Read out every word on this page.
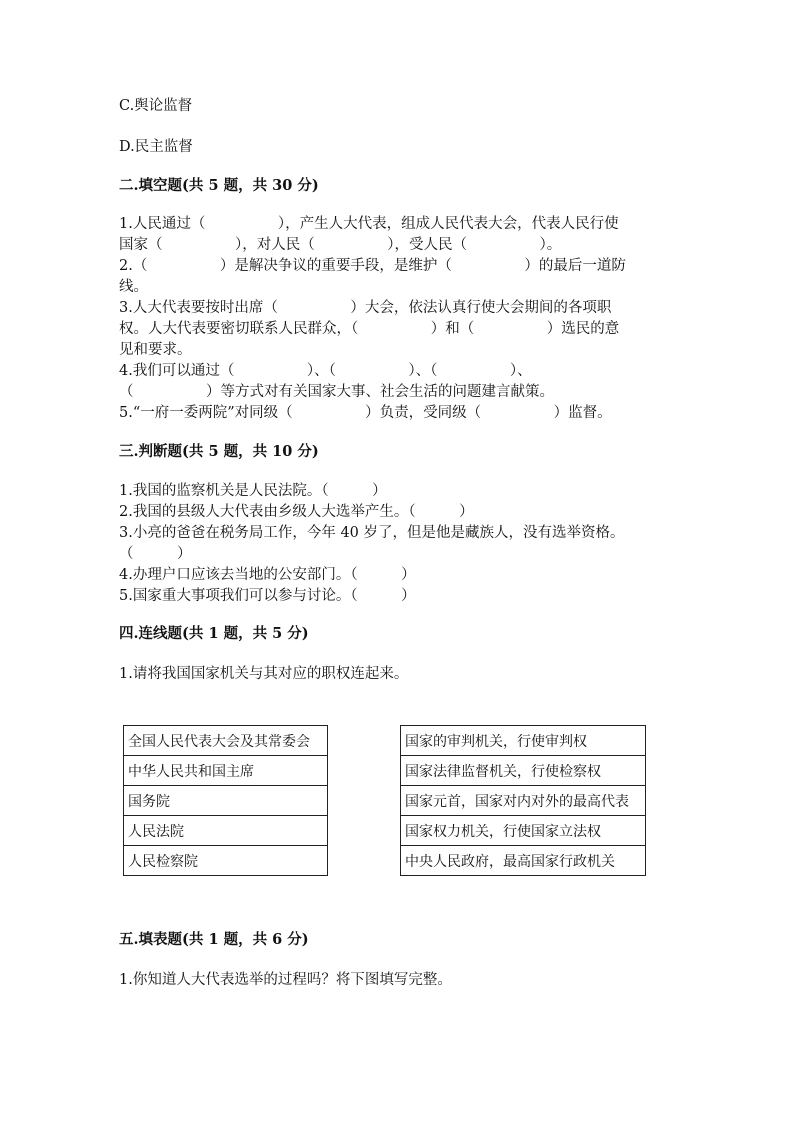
C.舆论监督
D.民主监督
二.填空题(共 5 题，共 30 分)
1.人民通过（　　　　　），产生人大代表，组成人民代表大会，代表人民行使
国家（　　　　　），对人民（　　　　　），受人民（　　　　　）。
2.（　　　　　）是解决争议的重要手段，是维护（　　　　　）的最后一道防
线。
3.人大代表要按时出席（　　　　　）大会，依法认真行使大会期间的各项职
权。人大代表要密切联系人民群众，（　　　　　）和（　　　　　）选民的意
见和要求。
4.我们可以通过（　　　　　）、（　　　　　）、（　　　　　）、
（　　　　　）等方式对有关国家大事、社会生活的问题建言献策。
5.“一府一委两院”对同级（　　　　　）负责，受同级（　　　　　）监督。
三.判断题(共 5 题，共 10 分)
1.我国的监察机关是人民法院。（　　　）
2.我国的县级人大代表由乡级人大选举产生。（　　　）
3.小亮的爸爸在税务局工作，今年 40 岁了，但是他是藏族人，没有选举资格。
（　　　）
4.办理户口应该去当地的公安部门。（　　　）
5.国家重大事项我们可以参与讨论。（　　　）
四.连线题(共 1 题，共 5 分)
1.请将我国国家机关与其对应的职权连起来。
全国人民代表大会及其常委会
中华人民共和国主席
国务院
人民法院
人民检察院
国家的审判机关，行使审判权
国家法律监督机关，行使检察权
国家元首，国家对内对外的最高代表
国家权力机关，行使国家立法权
中央人民政府，最高国家行政机关
五.填表题(共 1 题，共 6 分)
1.你知道人大代表选举的过程吗？将下图填写完整。
